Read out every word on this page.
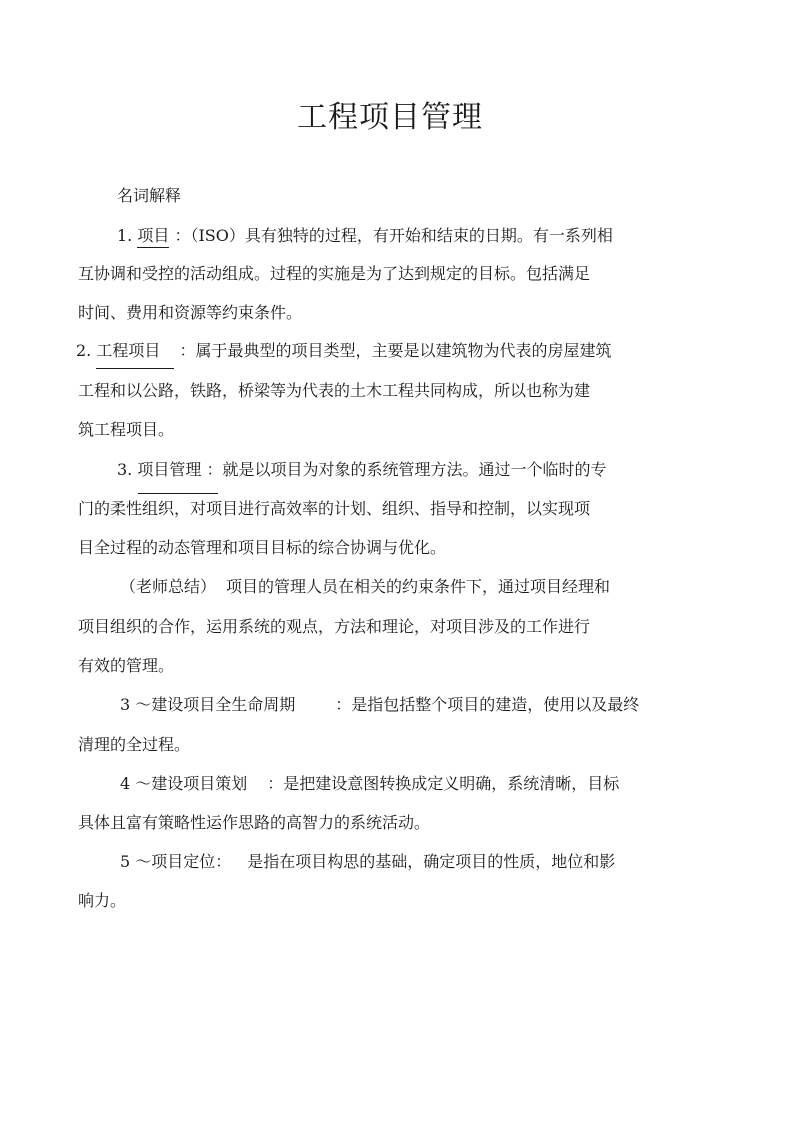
工程项目管理
名词解释
1. 项目 ：（ISO）具有独特的过程，有开始和结束的日期。有一系列相
互协调和受控的活动组成。过程的实施是为了达到规定的目标。包括满足
时间、费用和资源等约束条件。
2. 工程项目 ：属于最典型的项目类型，主要是以建筑物为代表的房屋建筑
工程和以公路，铁路，桥梁等为代表的土木工程共同构成，所以也称为建
筑工程项目。
3. 项目管理 ：就是以项目为对象的系统管理方法。通过一个临时的专
门的柔性组织，对项目进行高效率的计划、组织、指导和控制，以实现项
目全过程的动态管理和项目目标的综合协调与优化。
（老师总结） 项目的管理人员在相关的约束条件下，通过项目经理和
项目组织的合作，运用系统的观点，方法和理论，对项目涉及的工作进行
有效的管理。
3 ～建设项目全生命周期	：是指包括整个项目的建造，使用以及最终
清理的全过程。
4 ～建设项目策划 ：是把建设意图转换成定义明确，系统清晰，目标
具体且富有策略性运作思路的高智力的系统活动。
5 ～项目定位： 是指在项目构思的基础，确定项目的性质，地位和影
响力。
